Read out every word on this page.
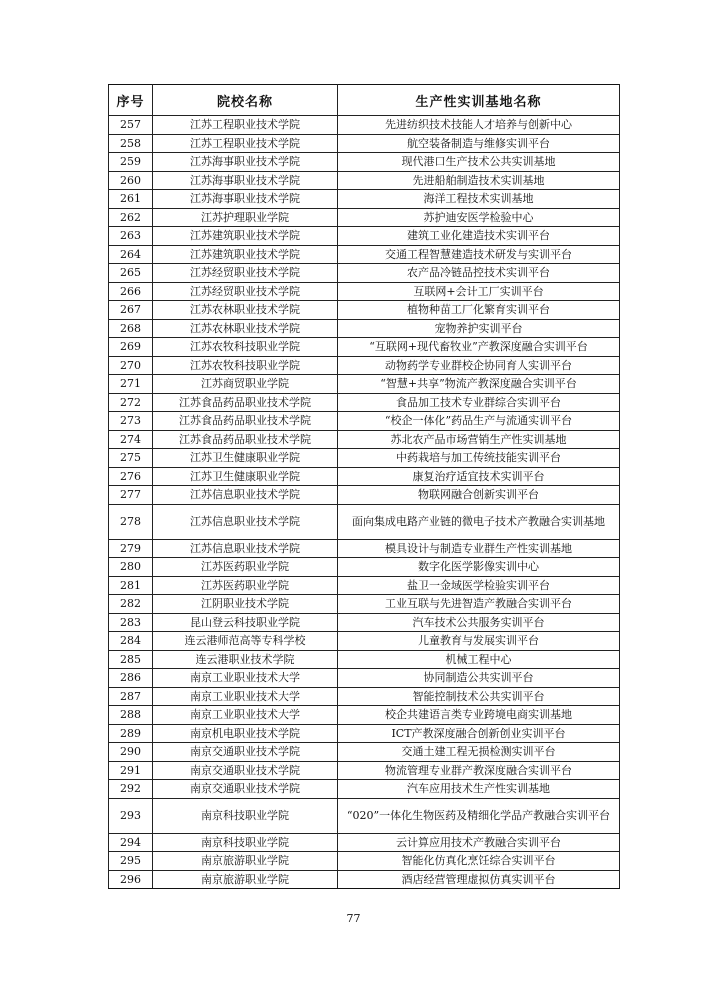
序号	院校名称	生产性实训基地名称
257	江苏工程职业技术学院	先进纺织技术技能人才培养与创新中心
258	江苏工程职业技术学院	航空装备制造与维修实训平台
259	江苏海事职业技术学院	现代港口生产技术公共实训基地
260	江苏海事职业技术学院	先进船舶制造技术实训基地
261	江苏海事职业技术学院	海洋工程技术实训基地
262	江苏护理职业学院	苏护迪安医学检验中心
263	江苏建筑职业技术学院	建筑工业化建造技术实训平台
264	江苏建筑职业技术学院	交通工程智慧建造技术研发与实训平台
265	江苏经贸职业技术学院	农产品冷链品控技术实训平台
266	江苏经贸职业技术学院	互联网+会计工厂实训平台
267	江苏农林职业技术学院	植物种苗工厂化繁育实训平台
268	江苏农林职业技术学院	宠物养护实训平台
269	江苏农牧科技职业学院	“互联网+现代畜牧业”产教深度融合实训平台
270	江苏农牧科技职业学院	动物药学专业群校企协同育人实训平台
271	江苏商贸职业学院	“智慧+共享”物流产教深度融合实训平台
272	江苏食品药品职业技术学院	食品加工技术专业群综合实训平台
273	江苏食品药品职业技术学院	“校企一体化”药品生产与流通实训平台
274	江苏食品药品职业技术学院	苏北农产品市场营销生产性实训基地
275	江苏卫生健康职业学院	中药栽培与加工传统技能实训平台
276	江苏卫生健康职业学院	康复治疗适宜技术实训平台
277	江苏信息职业技术学院	物联网融合创新实训平台
278	江苏信息职业技术学院	面向集成电路产业链的微电子技术产教融合实训基地
279	江苏信息职业技术学院	模具设计与制造专业群生产性实训基地
280	江苏医药职业学院	数字化医学影像实训中心
281	江苏医药职业学院	盐卫一金域医学检验实训平台
282	江阴职业技术学院	工业互联与先进智造产教融合实训平台
283	昆山登云科技职业学院	汽车技术公共服务实训平台
284	连云港师范高等专科学校	儿童教育与发展实训平台
285	连云港职业技术学院	机械工程中心
286	南京工业职业技术大学	协同制造公共实训平台
287	南京工业职业技术大学	智能控制技术公共实训平台
288	南京工业职业技术大学	校企共建语言类专业跨境电商实训基地
289	南京机电职业技术学院	ICT产教深度融合创新创业实训平台
290	南京交通职业技术学院	交通土建工程无损检测实训平台
291	南京交通职业技术学院	物流管理专业群产教深度融合实训平台
292	南京交通职业技术学院	汽车应用技术生产性实训基地
293	南京科技职业学院	“020”一体化生物医药及精细化学品产教融合实训平台
294	南京科技职业学院	云计算应用技术产教融合实训平台
295	南京旅游职业学院	智能化仿真化烹饪综合实训平台
296	南京旅游职业学院	酒店经营管理虚拟仿真实训平台
77
